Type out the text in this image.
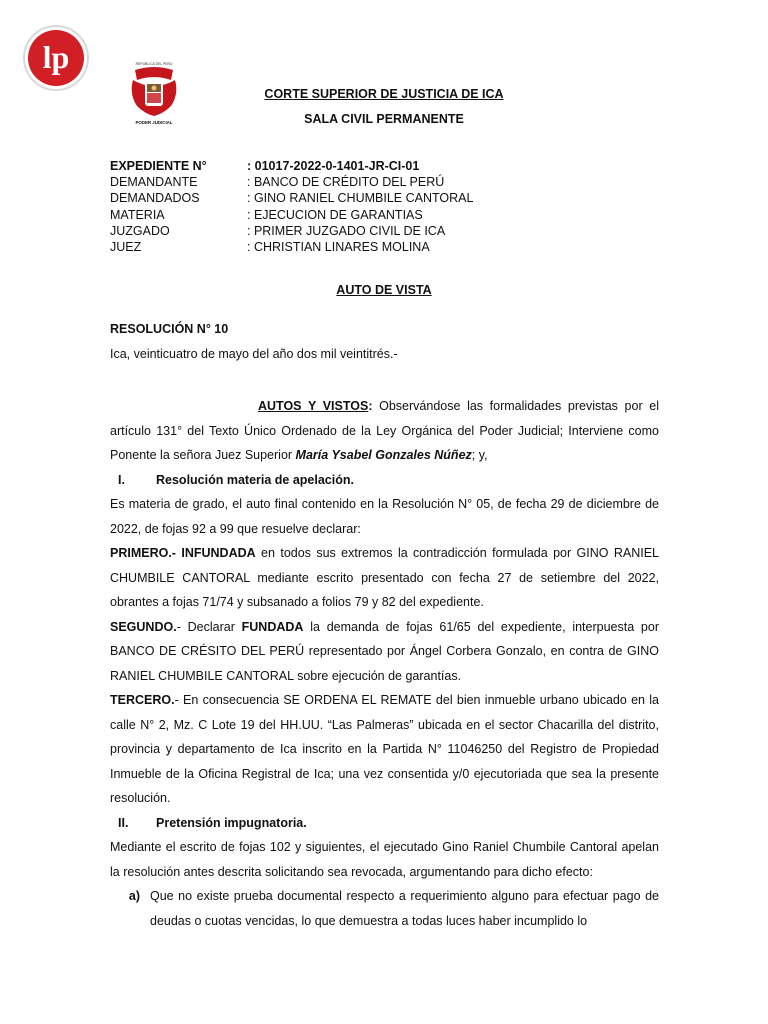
lp	REPÚBLICA DEL PERÚ
PODER JUDICIAL
CORTE SUPERIOR DE JUSTICIA DE ICA
SALA CIVIL PERMANENTE
EXPEDIENTE N°	: 01017-2022-0-1401-JR-CI-01
DEMANDANTE	: BANCO DE CRÉDITO DEL PERÚ
DEMANDADOS	: GINO RANIEL CHUMBILE CANTORAL
MATERIA	: EJECUCION DE GARANTIAS
JUZGADO	: PRIMER JUZGADO CIVIL DE ICA
JUEZ	: CHRISTIAN LINARES MOLINA
AUTO DE VISTA
RESOLUCIÓN N° 10
Ica, veinticuatro de mayo del año dos mil veintitrés.-

AUTOS Y VISTOS: Observándose las formalidades previstas por el artículo 131° del Texto Único Ordenado de la Ley Orgánica del Poder Judicial; Interviene como Ponente la señora Juez Superior María Ysabel Gonzales Núñez; y,

I.	Resolución materia de apelación.

Es materia de grado, el auto final contenido en la Resolución N° 05, de fecha 29 de diciembre de 2022, de fojas 92 a 99 que resuelve declarar:

PRIMERO.- INFUNDADA en todos sus extremos la contradicción formulada por GINO RANIEL CHUMBILE CANTORAL mediante escrito presentado con fecha 27 de setiembre del 2022, obrantes a fojas 71/74 y subsanado a folios 79 y 82 del expediente.

SEGUNDO.- Declarar FUNDADA la demanda de fojas 61/65 del expediente, interpuesta por BANCO DE CRÉSITO DEL PERÚ representado por Ángel Corbera Gonzalo, en contra de GINO RANIEL CHUMBILE CANTORAL sobre ejecución de garantías.

TERCERO.- En consecuencia SE ORDENA EL REMATE del bien inmueble urbano ubicado en la calle N° 2, Mz. C Lote 19 del HH.UU. “Las Palmeras” ubicada en el sector Chacarilla del distrito, provincia y departamento de Ica inscrito en la Partida N° 11046250 del Registro de Propiedad Inmueble de la Oficina Registral de Ica; una vez consentida y/0 ejecutoriada que sea la presente resolución.

II.	Pretensión impugnatoria.

Mediante el escrito de fojas 102 y siguientes, el ejecutado Gino Raniel Chumbile Cantoral apelan la resolución antes descrita solicitando sea revocada, argumentando para dicho efecto:

a) Que no existe prueba documental respecto a requerimiento alguno para efectuar pago de deudas o cuotas vencidas, lo que demuestra a todas luces haber incumplido lo
